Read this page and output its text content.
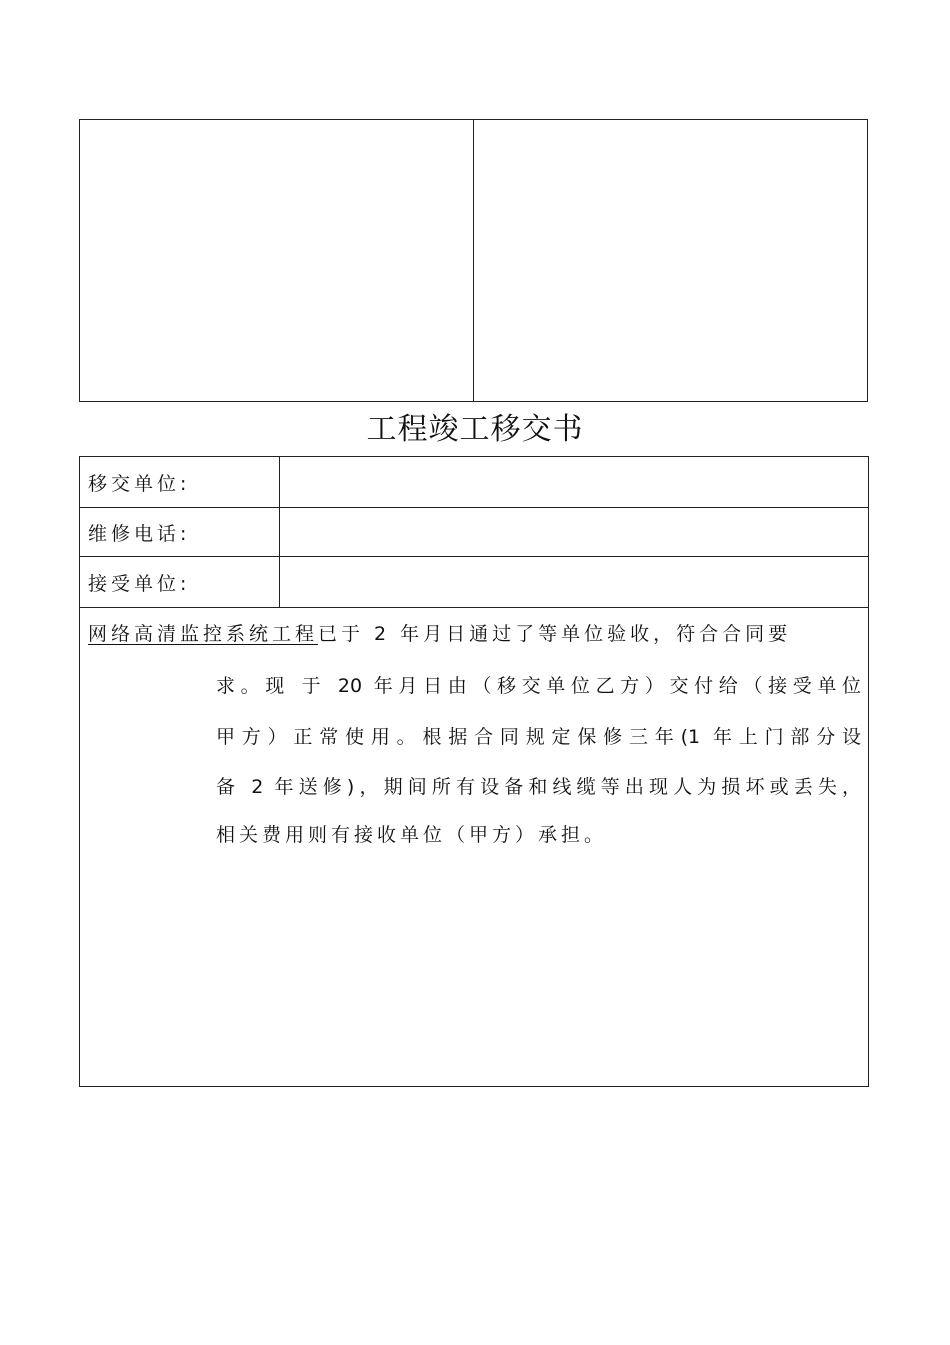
工程竣工移交书
移交单位:
维修电话:
接受单位:
网络高清监控系统工程已于 2 年月日通过了等单位验收，符合合同要
求。现 于 20 年月日由（移交单位乙方）交付给（接受单位
甲方）正常使用。根据合同规定保修三年(1 年上门部分设
备 2 年送修)，期间所有设备和线缆等出现人为损坏或丢失，
相关费用则有接收单位（甲方）承担。
